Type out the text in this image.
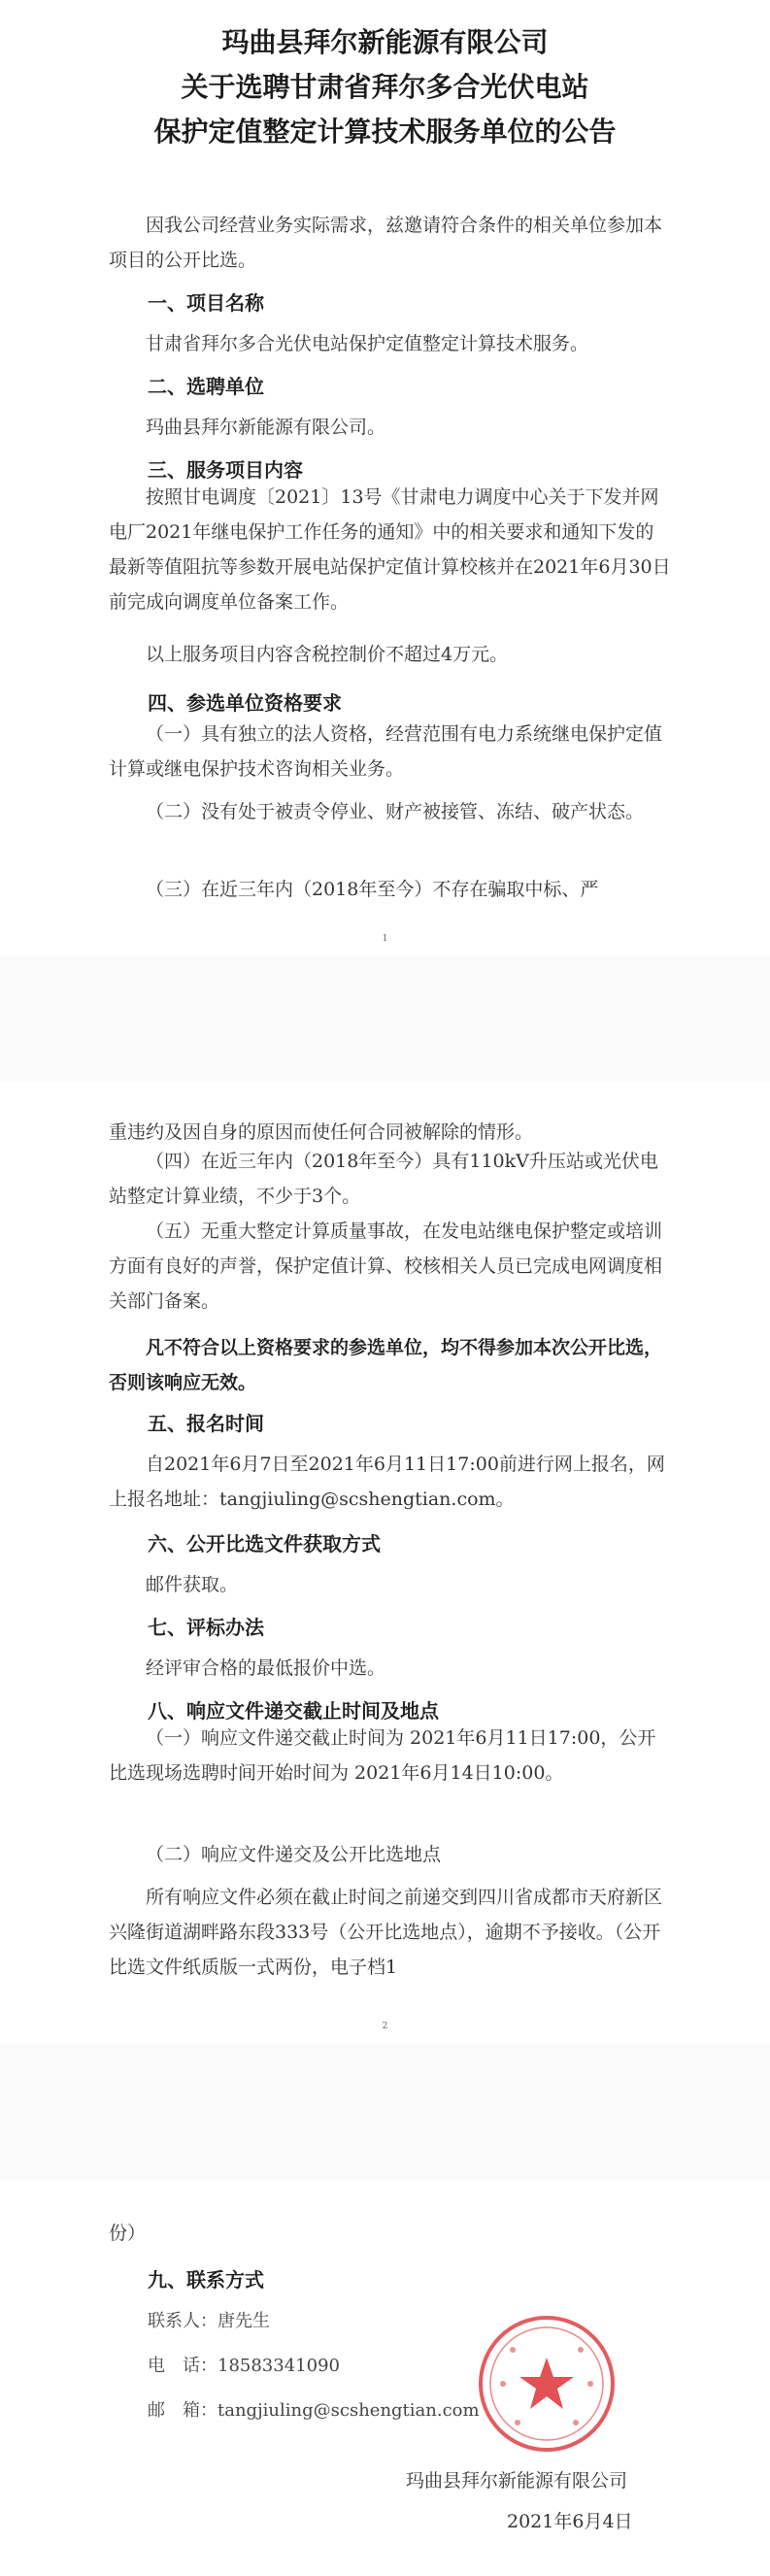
玛曲县拜尔新能源有限公司
关于选聘甘肃省拜尔多合光伏电站
保护定值整定计算技术服务单位的公告

因我公司经营业务实际需求，兹邀请符合条件的相关单位参加本项目的公开比选。

一、项目名称

甘肃省拜尔多合光伏电站保护定值整定计算技术服务。

二、选聘单位

玛曲县拜尔新能源有限公司。

三、服务项目内容

按照甘电调度〔2021〕13号《甘肃电力调度中心关于下发并网电厂2021年继电保护工作任务的通知》中的相关要求和通知下发的最新等值阻抗等参数开展电站保护定值计算校核并在2021年6月30日前完成向调度单位备案工作。

以上服务项目内容含税控制价不超过4万元。

四、参选单位资格要求

（一）具有独立的法人资格，经营范围有电力系统继电保护定值计算或继电保护技术咨询相关业务。

（二）没有处于被责令停业、财产被接管、冻结、破产状态。

（三）在近三年内（2018年至今）不存在骗取中标、严

1

重违约及因自身的原因而使任何合同被解除的情形。

（四）在近三年内（2018年至今）具有110kV升压站或光伏电站整定计算业绩，不少于3个。

（五）无重大整定计算质量事故，在发电站继电保护整定或培训方面有良好的声誉，保护定值计算、校核相关人员已完成电网调度相关部门备案。

凡不符合以上资格要求的参选单位，均不得参加本次公开比选，否则该响应无效。

五、报名时间

自2021年6月7日至2021年6月11日17:00前进行网上报名，网上报名地址：tangjiuling@scshengtian.com。

六、公开比选文件获取方式

邮件获取。

七、评标办法

经评审合格的最低报价中选。

八、响应文件递交截止时间及地点

（一）响应文件递交截止时间为 2021年6月11日17:00，公开比选现场选聘时间开始时间为 2021年6月14日10:00。

（二）响应文件递交及公开比选地点

所有响应文件必须在截止时间之前递交到四川省成都市天府新区兴隆街道湖畔路东段333号（公开比选地点），逾期不予接收。（公开比选文件纸质版一式两份，电子档1

2

份）

九、联系方式
联系人：唐先生
电　话：18583341090
邮　箱：tangjiuling@scshengtian.com
玛曲县拜尔新能源有限公司
2021年6月4日
